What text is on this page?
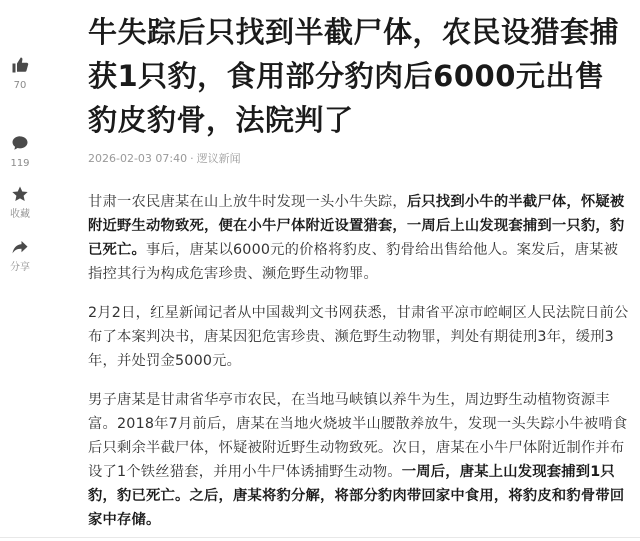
70
119
收藏
分享
牛失踪后只找到半截尸体，农民设猎套捕获1只豹，食用部分豹肉后6000元出售豹皮豹骨，法院判了
2026-02-03 07:40 · 逻议新闻

甘肃一农民唐某在山上放牛时发现一头小牛失踪，后只找到小牛的半截尸体，怀疑被附近野生动物致死，便在小牛尸体附近设置猎套，一周后上山发现套捕到一只豹，豹已死亡。事后，唐某以6000元的价格将豹皮、豹骨给出售给他人。案发后，唐某被指控其行为构成危害珍贵、濒危野生动物罪。

2月2日，红星新闻记者从中国裁判文书网获悉，甘肃省平凉市崆峒区人民法院日前公布了本案判决书，唐某因犯危害珍贵、濒危野生动物罪，判处有期徒刑3年，缓刑3年，并处罚金5000元。

男子唐某是甘肃省华亭市农民，在当地马峡镇以养牛为生，周边野生动植物资源丰富。2018年7月前后，唐某在当地火烧坡半山腰散养放牛，发现一头失踪小牛被啃食后只剩余半截尸体，怀疑被附近野生动物致死。次日，唐某在小牛尸体附近制作并布设了1个铁丝猎套，并用小牛尸体诱捕野生动物。一周后，唐某上山发现套捕到1只豹，豹已死亡。之后，唐某将豹分解，将部分豹肉带回家中食用，将豹皮和豹骨带回家中存储。
